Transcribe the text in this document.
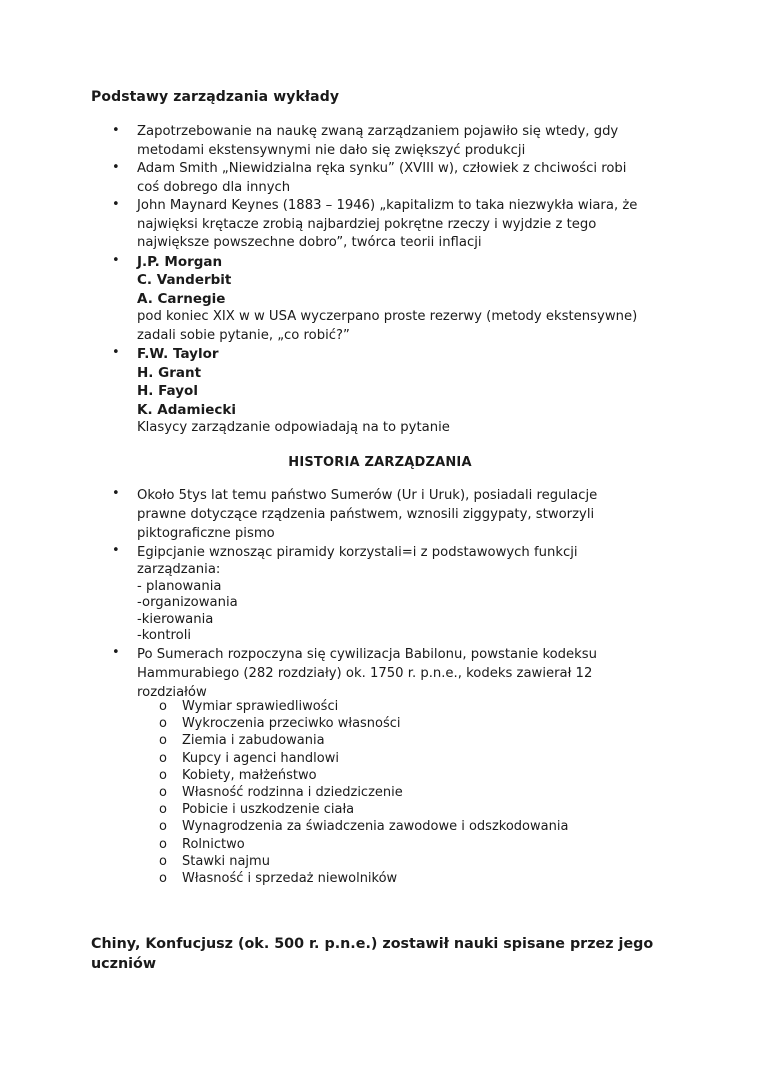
Podstawy zarządzania wykłady
• Zapotrzebowanie na naukę zwaną zarządzaniem pojawiło się wtedy, gdy
metodami ekstensywnymi nie dało się zwiększyć produkcji
• Adam Smith „Niewidzialna ręka synku” (XVIII w), człowiek z chciwości robi
coś dobrego dla innych
• John Maynard Keynes (1883 – 1946) „kapitalizm to taka niezwykła wiara, że
najwięksi krętacze zrobią najbardziej pokrętne rzeczy i wyjdzie z tego
największe powszechne dobro”, twórca teorii inflacji
• J.P. Morgan
C. Vanderbit
A. Carnegie
pod koniec XIX w w USA wyczerpano proste rezerwy (metody ekstensywne)
zadali sobie pytanie, „co robić?”
• F.W. Taylor
H. Grant
H. Fayol
K. Adamiecki
Klasycy zarządzanie odpowiadają na to pytanie
HISTORIA ZARZĄDZANIA
• Około 5tys lat temu państwo Sumerów (Ur i Uruk), posiadali regulacje
prawne dotyczące rządzenia państwem, wznosili ziggураty, stworzyli
piktograficzne pismo
• Egipcjanie wznosząc piramidy korzystali=i z podstawowych funkcji
zarządzania:
- planowania
-organizowania
-kierowania
-kontroli
• Po Sumerach rozpoczyna się cywilizacja Babilonu, powstanie kodeksu
Hammurabiego (282 rozdziały) ok. 1750 r. p.n.e., kodeks zawierał 12
rozdziałów
o Wymiar sprawiedliwości
o Wykroczenia przeciwko własności
o Ziemia i zabudowania
o Kupcy i agenci handlowi
o Kobiety, małżeństwo
o Własność rodzinna i dziedziczenie
o Pobicie i uszkodzenie ciała
o Wynagrodzenia za świadczenia zawodowe i odszkodowania
o Rolnictwo
o Stawki najmu
o Własność i sprzedaż niewolników
Chiny, Konfucjusz (ok. 500 r. p.n.e.) zostawił nauki spisane przez jego uczniów
